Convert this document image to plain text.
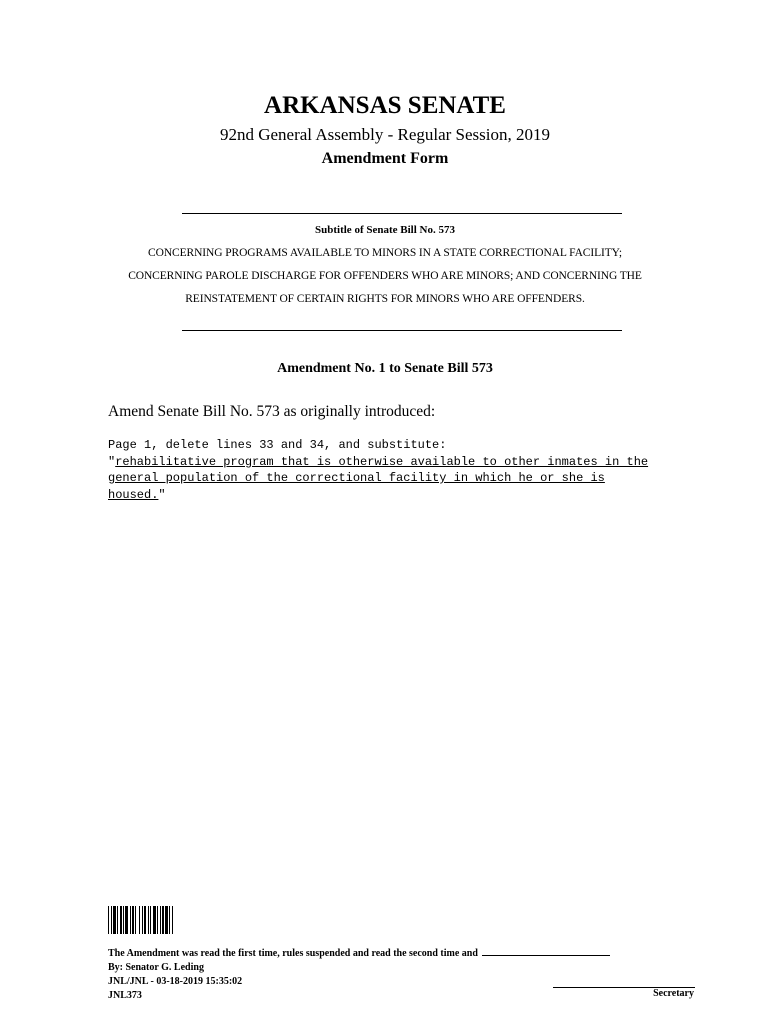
ARKANSAS SENATE
92nd General Assembly - Regular Session, 2019
Amendment Form
Subtitle of Senate Bill No. 573
CONCERNING PROGRAMS AVAILABLE TO MINORS IN A STATE CORRECTIONAL FACILITY;
CONCERNING PAROLE DISCHARGE FOR OFFENDERS WHO ARE MINORS; AND CONCERNING THE
REINSTATEMENT OF CERTAIN RIGHTS FOR MINORS WHO ARE OFFENDERS.
Amendment No. 1 to Senate Bill 573
Amend Senate Bill No. 573 as originally introduced:
Page 1, delete lines 33 and 34, and substitute:
"rehabilitative program that is otherwise available to other inmates in the
general population of the correctional facility in which he or she is
housed."
The Amendment was read the first time, rules suspended and read the second time and
By: Senator G. Leding
JNL/JNL - 03-18-2019 15:35:02
JNL373	Secretary
